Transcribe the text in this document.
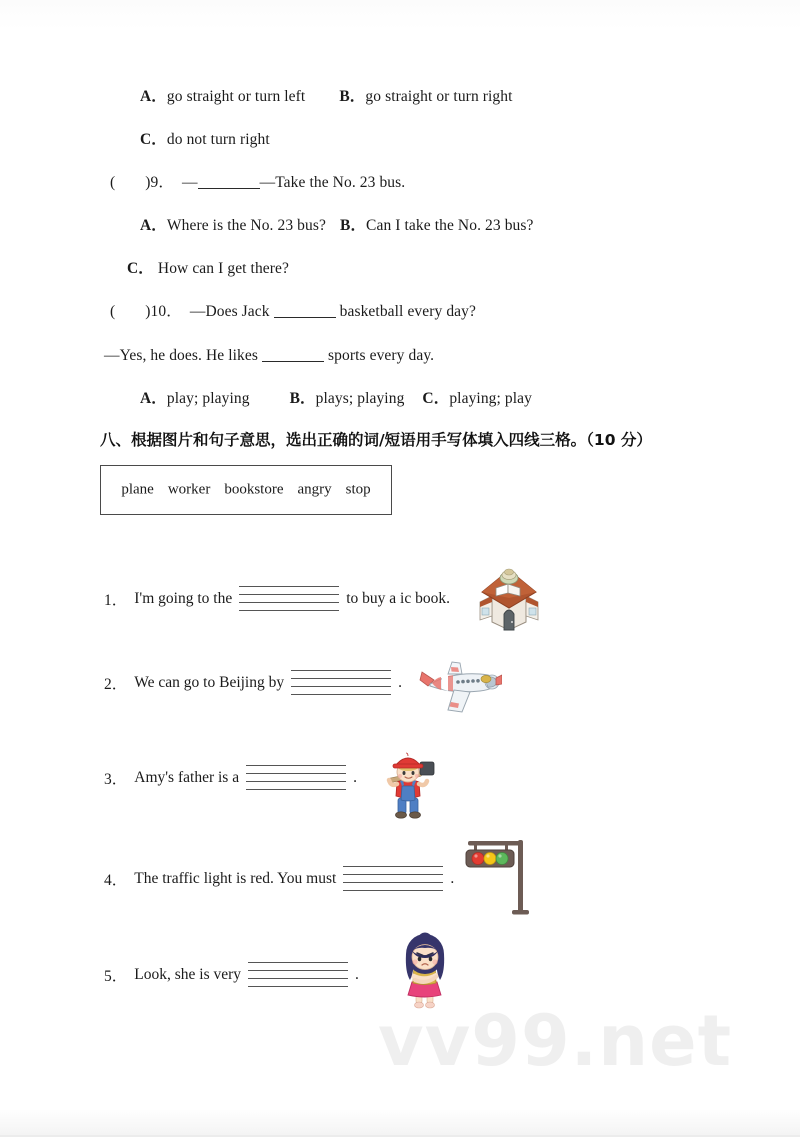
A．go straight or turn left B．go straight or turn right
C．do not turn right
( )9． —	—Take the No. 23 bus.
A．Where is the No. 23 bus? B．Can I take the No. 23 bus?
C． How can I get there?
( )10． —Does Jack	basketball every day?
—Yes, he does. He likes	sports every day.
A．play; playing	B．plays; playing C．playing; play
八、根据图片和句子意思，选出正确的词/短语用手写体填入四线三格。（10 分）
plane worker bookstore angry stop
1． I'm going to the	to buy a ic book.
2． We can go to Beijing by	.
3． Amy's father is a	.
4． The traffic light is red. You must	.
5． Look, she is very	.
vv99.net
